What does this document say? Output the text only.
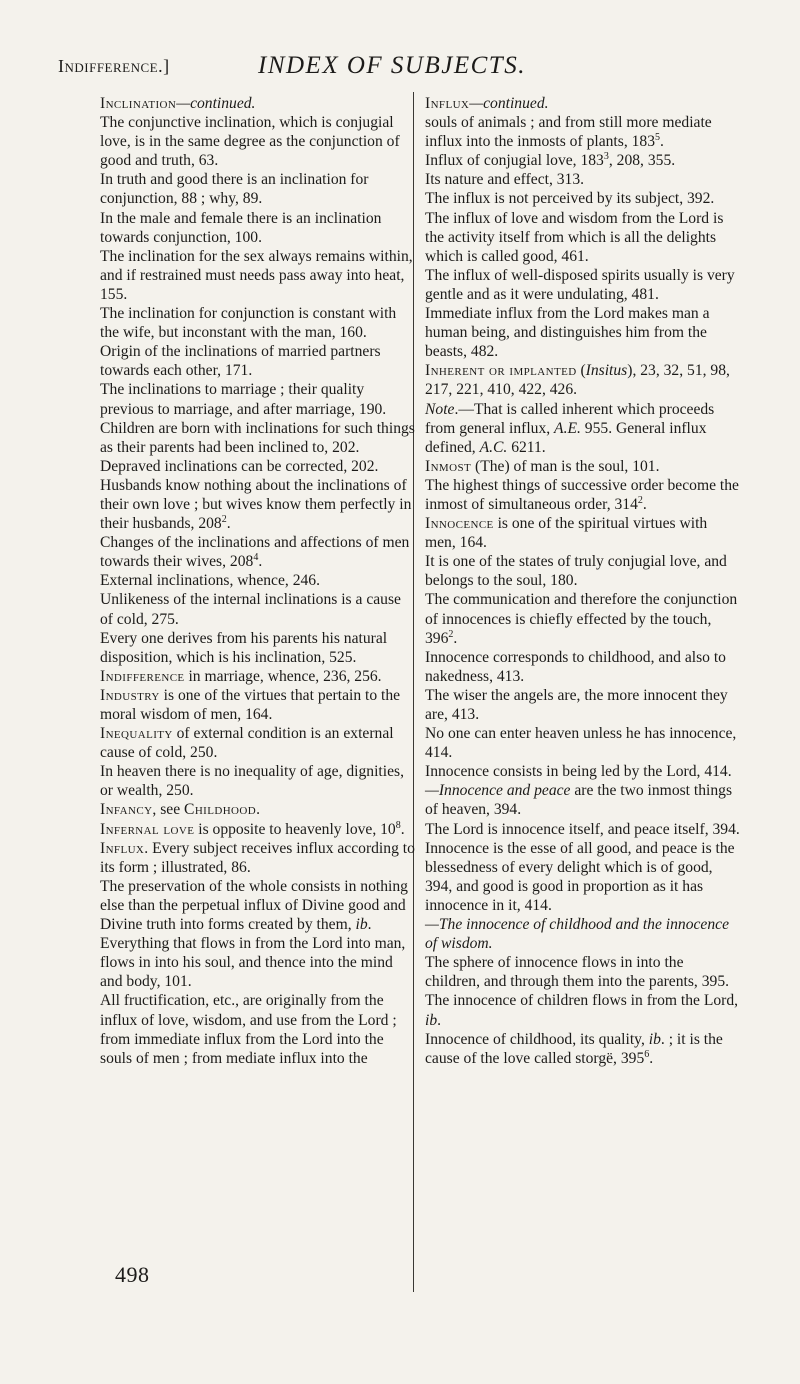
Indifference.]	INDEX OF SUBJECTS.

Inclination—continued.

The conjunctive inclination, which is conjugial love, is in the same degree as the conjunction of good and truth, 63.

In truth and good there is an inclination for conjunction, 88 ; why, 89.

In the male and female there is an inclination towards conjunction, 100.

The inclination for the sex always remains within, and if restrained must needs pass away into heat, 155.

The inclination for conjunction is constant with the wife, but inconstant with the man, 160.

Origin of the inclinations of married partners towards each other, 171.

The inclinations to marriage ; their quality previous to marriage, and after marriage, 190.

Children are born with inclinations for such things as their parents had been inclined to, 202.

Depraved inclinations can be corrected, 202.

Husbands know nothing about the inclinations of their own love ; but wives know them perfectly in their husbands, $208^2$.

Changes of the inclinations and affections of men towards their wives, $208^4$.

External inclinations, whence, 246.

Unlikeness of the internal inclinations is a cause of cold, 275.

Every one derives from his parents his natural disposition, which is his inclination, 525.

Indifference in marriage, whence, 236, 256.

Industry is one of the virtues that pertain to the moral wisdom of men, 164.

Inequality of external condition is an external cause of cold, 250.

In heaven there is no inequality of age, dignities, or wealth, 250.

Infancy, see Childhood.

Infernal love is opposite to heavenly love, $10^8$.

Influx. Every subject receives influx according to its form ; illustrated, 86.

The preservation of the whole consists in nothing else than the perpetual influx of Divine good and Divine truth into forms created by them, ib.

Everything that flows in from the Lord into man, flows in into his soul, and thence into the mind and body, 101.

All fructification, etc., are originally from the influx of love, wisdom, and use from the Lord ; from immediate influx from the Lord into the souls of men ; from mediate influx into the

Influx—continued.

souls of animals ; and from still more mediate influx into the inmosts of plants, $183^5$.

Influx of conjugial love, $183^3$, 208, 355.

Its nature and effect, 313.

The influx is not perceived by its subject, 392.

The influx of love and wisdom from the Lord is the activity itself from which is all the delights which is called good, 461.

The influx of well-disposed spirits usually is very gentle and as it were undulating, 481.

Immediate influx from the Lord makes man a human being, and distinguishes him from the beasts, 482.

Inherent or implanted (Insitus), 23, 32, 51, 98, 217, 221, 410, 422, 426.

Note.—That is called inherent which proceeds from general influx, A.E. 955. General influx defined, A.C. 6211.

Inmost (The) of man is the soul, 101.

The highest things of successive order become the inmost of simultaneous order, $314^2$.

Innocence is one of the spiritual virtues with men, 164.

It is one of the states of truly conjugial love, and belongs to the soul, 180.

The communication and therefore the conjunction of innocences is chiefly effected by the touch, $396^2$.

Innocence corresponds to childhood, and also to nakedness, 413.

The wiser the angels are, the more innocent they are, 413.

No one can enter heaven unless he has innocence, 414.

Innocence consists in being led by the Lord, 414.

—Innocence and peace are the two inmost things of heaven, 394.

The Lord is innocence itself, and peace itself, 394.

Innocence is the esse of all good, and peace is the blessedness of every delight which is of good, 394, and good is good in proportion as it has innocence in it, 414.

—The innocence of childhood and the innocence of wisdom.

The sphere of innocence flows in into the children, and through them into the parents, 395.

The innocence of children flows in from the Lord, ib.

Innocence of childhood, its quality, ib. ; it is the cause of the love called storgë, $395^6$.

498
